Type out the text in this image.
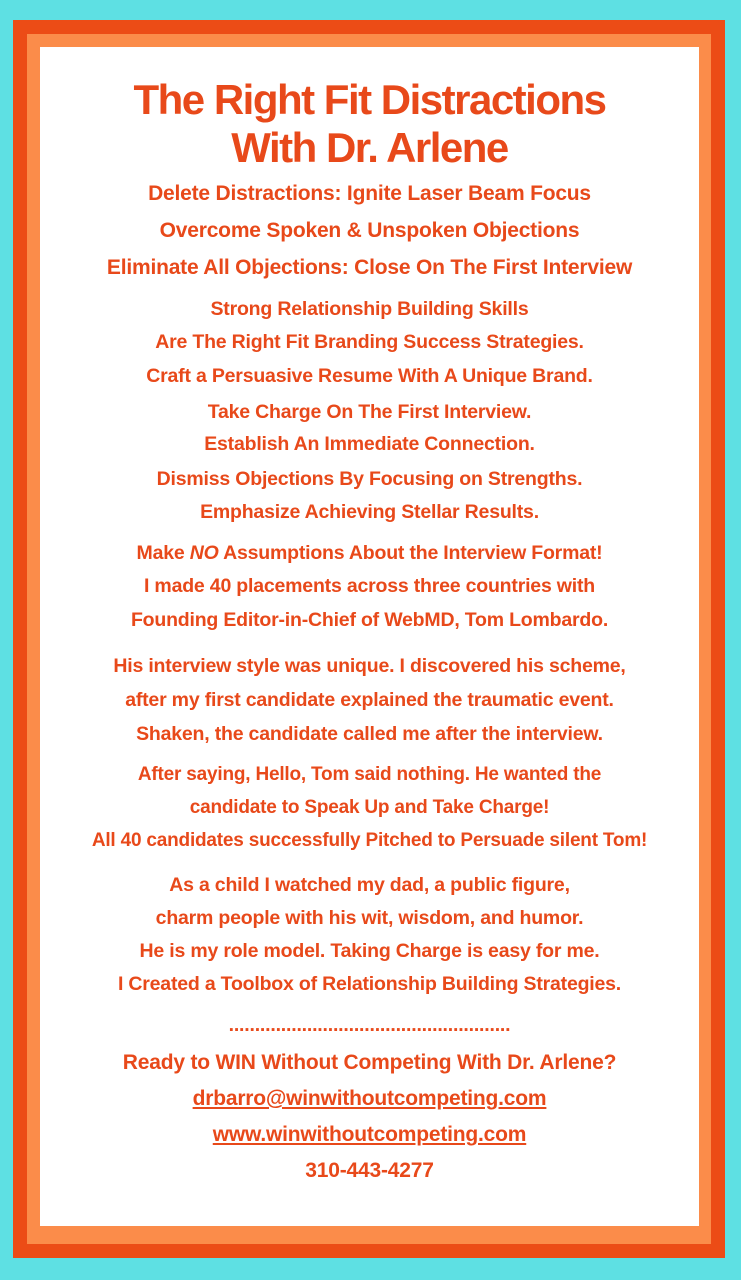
The Right Fit Distractions
With Dr. Arlene
Delete Distractions: Ignite Laser Beam Focus
Overcome Spoken & Unspoken Objections
Eliminate All Objections: Close On The First Interview
Strong Relationship Building Skills
Are The Right Fit Branding Success Strategies.
Craft a Persuasive Resume With A Unique Brand.
Take Charge On The First Interview.
Establish An Immediate Connection.
Dismiss Objections By Focusing on Strengths.
Emphasize Achieving Stellar Results.
Make NO Assumptions About the Interview Format!
I made 40 placements across three countries with
Founding Editor-in-Chief of WebMD, Tom Lombardo.
His interview style was unique. I discovered his scheme,
after my first candidate explained the traumatic event.
Shaken, the candidate called me after the interview.
After saying, Hello, Tom said nothing. He wanted the
candidate to Speak Up and Take Charge!
All 40 candidates successfully Pitched to Persuade silent Tom!
As a child I watched my dad, a public figure,
charm people with his wit, wisdom, and humor.
He is my role model. Taking Charge is easy for me.
I Created a Toolbox of Relationship Building Strategies.
......................................................
Ready to WIN Without Competing With Dr. Arlene?
drbarro@winwithoutcompeting.com
www.winwithoutcompeting.com
310-443-4277
